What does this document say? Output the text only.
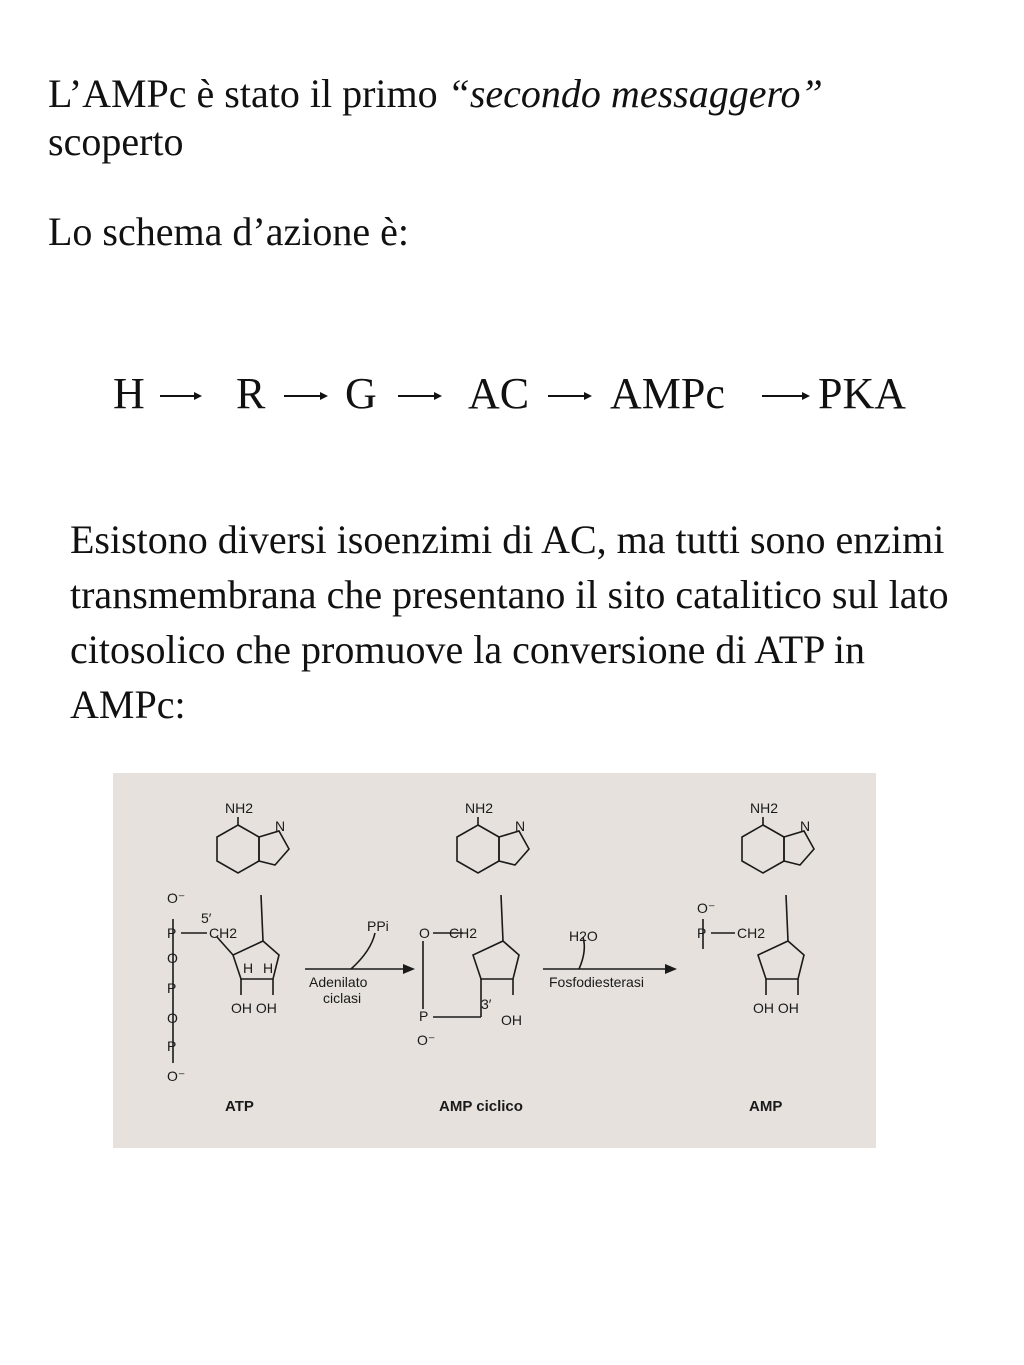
L’AMPc è stato il primo “secondo messaggero”
scoperto
Lo schema d’azione è:
H R G AC AMPc PKA
Esistono diversi isoenzimi di AC, ma tutti sono enzimi transmembrana che presentano il sito catalitico sul lato citosolico che promuove la conversione di ATP in AMPc:
NH2
N
O⁻
P CH2
5′
O
P
O
P
O⁻
H H
OH OH
NH2
N
CH2
O
P
O⁻
3′
OH
NH2
N
O⁻
P CH2
OH OH
PPi
Adenilato
ciclasi
H2O
Fosfodiesterasi
ATP	AMP ciclico	AMP
